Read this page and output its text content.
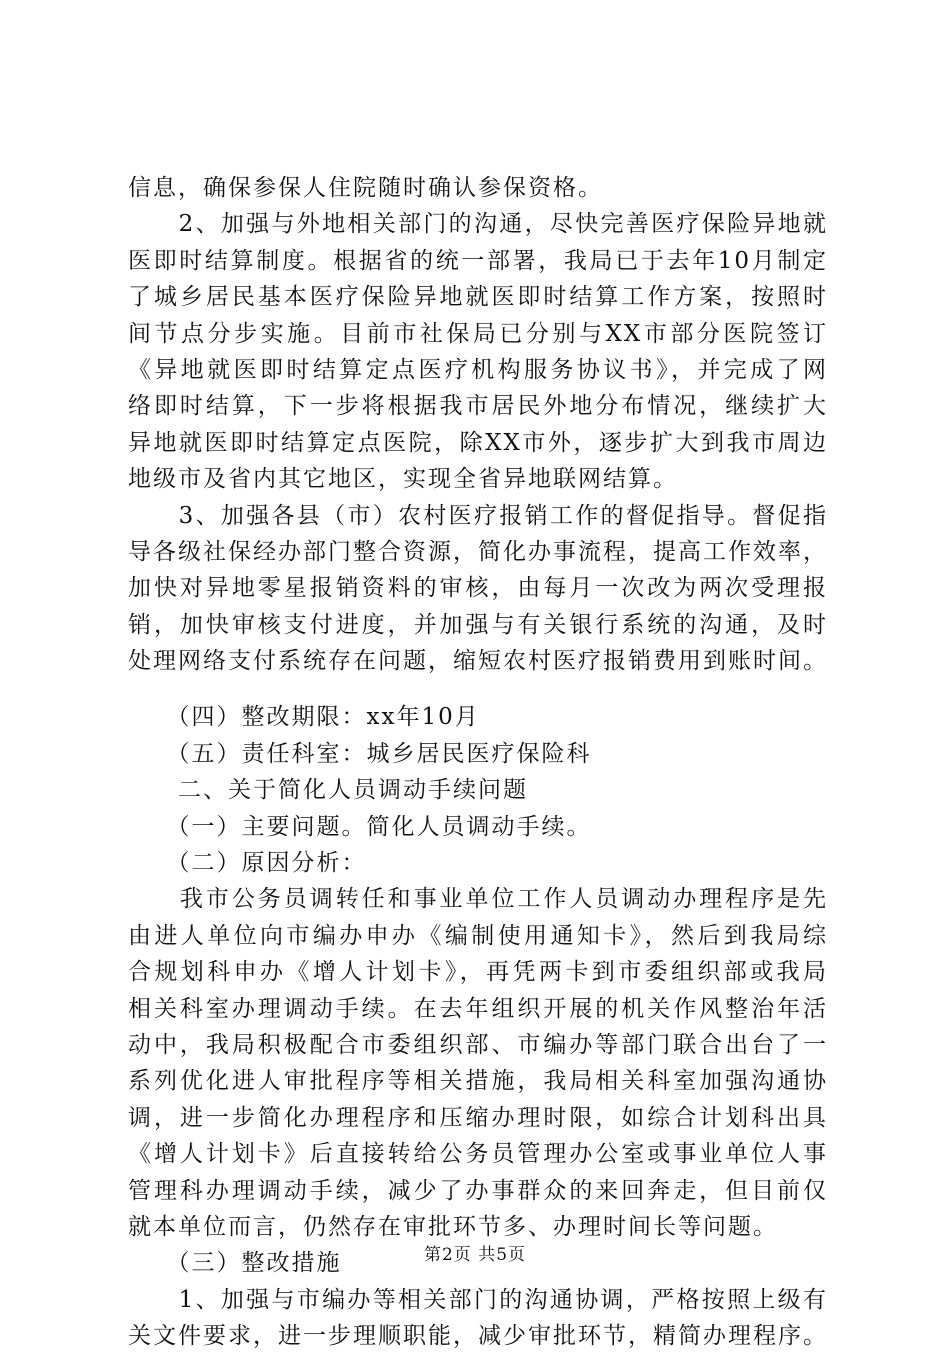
信息，确保参保人住院随时确认参保资格。
　　2、加强与外地相关部门的沟通，尽快完善医疗保险异地就
医即时结算制度。根据省的统一部署，我局已于去年10月制定
了城乡居民基本医疗保险异地就医即时结算工作方案，按照时
间节点分步实施。目前市社保局已分别与XX市部分医院签订
《异地就医即时结算定点医疗机构服务协议书》，并完成了网
络即时结算，下一步将根据我市居民外地分布情况，继续扩大
异地就医即时结算定点医院，除XX市外，逐步扩大到我市周边
地级市及省内其它地区，实现全省异地联网结算。
　　3、加强各县（市）农村医疗报销工作的督促指导。督促指
导各级社保经办部门整合资源，简化办事流程，提高工作效率，
加快对异地零星报销资料的审核，由每月一次改为两次受理报
销，加快审核支付进度，并加强与有关银行系统的沟通，及时
处理网络支付系统存在问题，缩短农村医疗报销费用到账时间。
　　（四）整改期限：xx年10月
　　（五）责任科室：城乡居民医疗保险科
　　二、关于简化人员调动手续问题
　　（一）主要问题。简化人员调动手续。
　　（二）原因分析：
　　我市公务员调转任和事业单位工作人员调动办理程序是先
由进人单位向市编办申办《编制使用通知卡》，然后到我局综
合规划科申办《增人计划卡》，再凭两卡到市委组织部或我局
相关科室办理调动手续。在去年组织开展的机关作风整治年活
动中，我局积极配合市委组织部、市编办等部门联合出台了一
系列优化进人审批程序等相关措施，我局相关科室加强沟通协
调，进一步简化办理程序和压缩办理时限，如综合计划科出具
《增人计划卡》后直接转给公务员管理办公室或事业单位人事
管理科办理调动手续，减少了办事群众的来回奔走，但目前仅
就本单位而言，仍然存在审批环节多、办理时间长等问题。
　　（三）整改措施
　　1、加强与市编办等相关部门的沟通协调，严格按照上级有
关文件要求，进一步理顺职能，减少审批环节，精简办理程序。
第2页 共5页
